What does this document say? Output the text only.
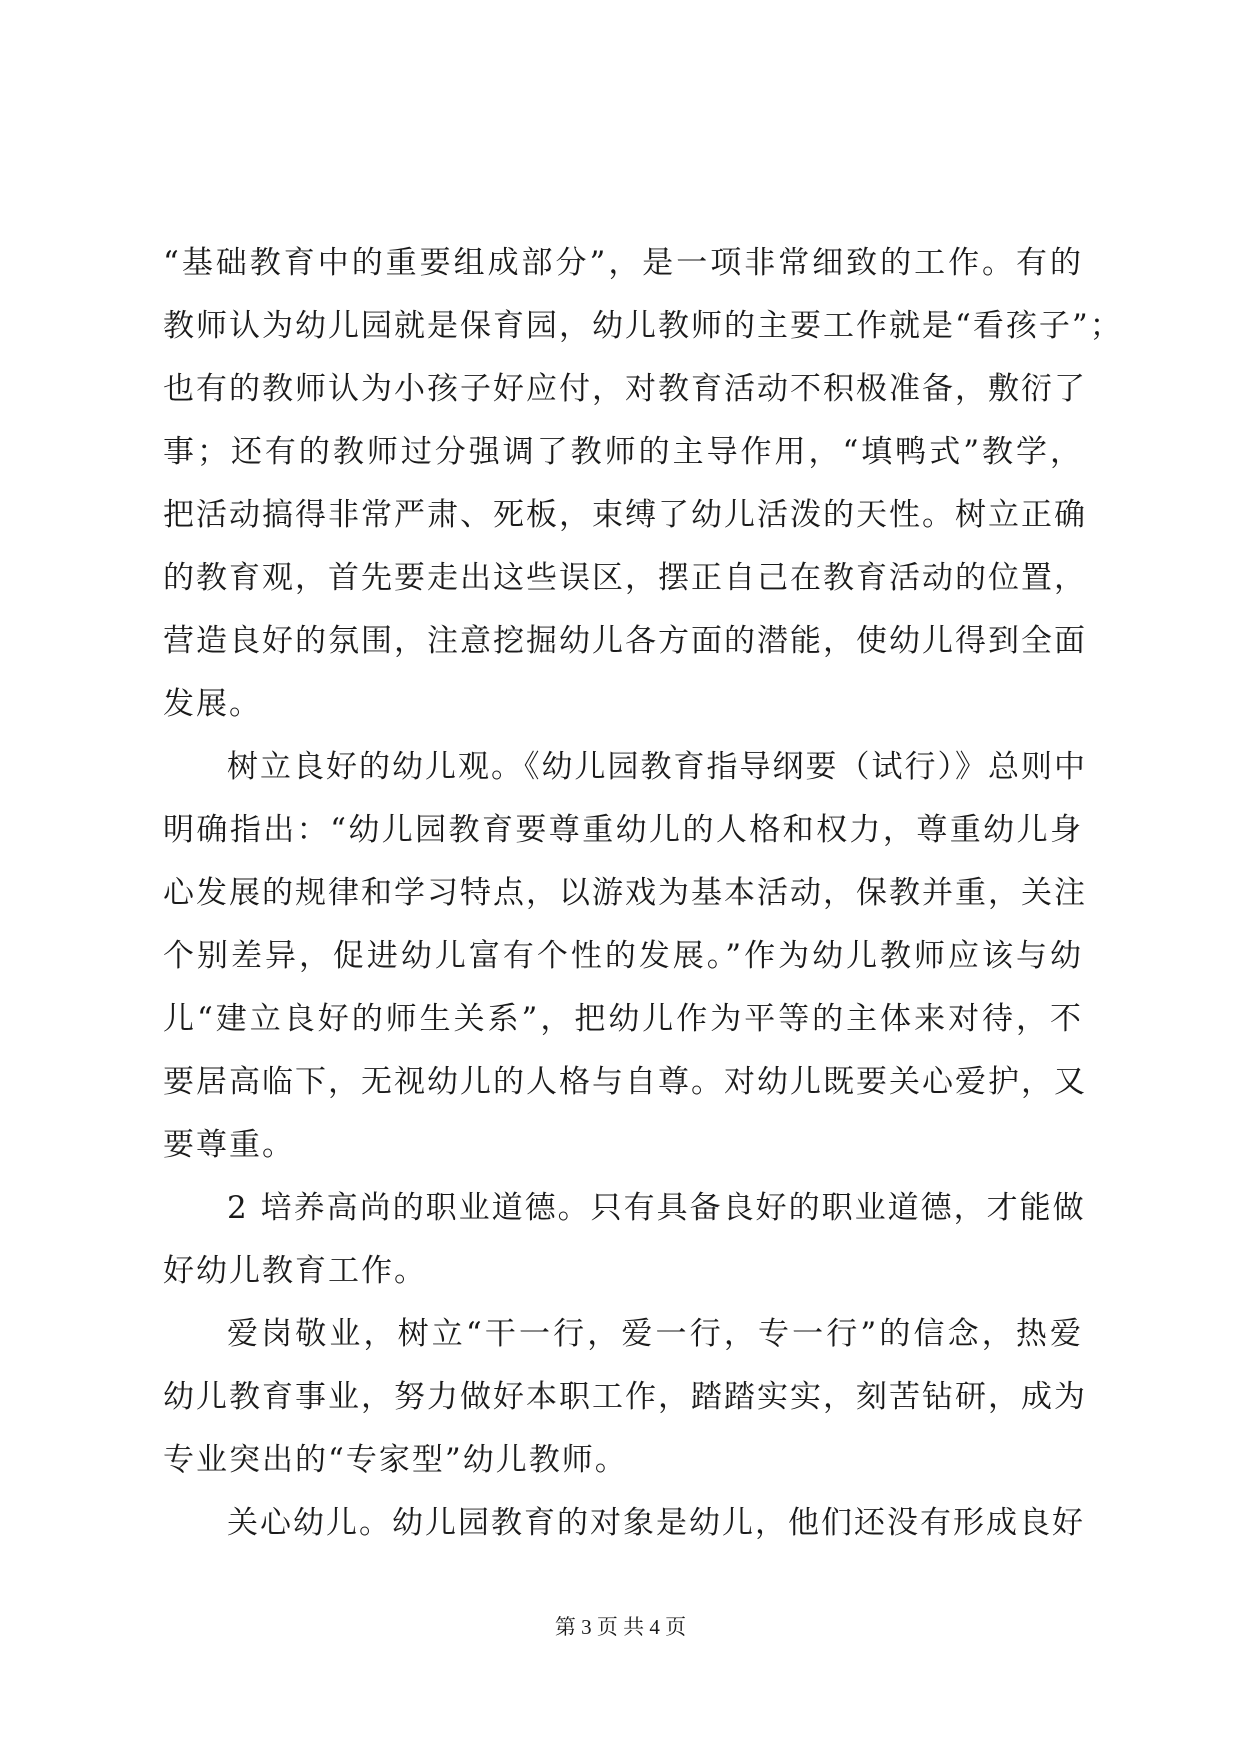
“基础教育中的重要组成部分”，是一项非常细致的工作。有的
教师认为幼儿园就是保育园，幼儿教师的主要工作就是“看孩子”；
也有的教师认为小孩子好应付，对教育活动不积极准备，敷衍了
事；还有的教师过分强调了教师的主导作用，“填鸭式”教学，
把活动搞得非常严肃、死板，束缚了幼儿活泼的天性。树立正确
的教育观，首先要走出这些误区，摆正自己在教育活动的位置，
营造良好的氛围，注意挖掘幼儿各方面的潜能，使幼儿得到全面
发展。
树立良好的幼儿观。《幼儿园教育指导纲要（试行）》总则中
明确指出：“幼儿园教育要尊重幼儿的人格和权力，尊重幼儿身
心发展的规律和学习特点，以游戏为基本活动，保教并重，关注
个别差异，促进幼儿富有个性的发展。”作为幼儿教师应该与幼
儿“建立良好的师生关系”，把幼儿作为平等的主体来对待，不
要居高临下，无视幼儿的人格与自尊。对幼儿既要关心爱护，又
要尊重。
2 培养高尚的职业道德。只有具备良好的职业道德，才能做
好幼儿教育工作。
爱岗敬业，树立“干一行，爱一行，专一行”的信念，热爱
幼儿教育事业，努力做好本职工作，踏踏实实，刻苦钻研，成为
专业突出的“专家型”幼儿教师。
关心幼儿。幼儿园教育的对象是幼儿，他们还没有形成良好
第 3 页 共 4 页
